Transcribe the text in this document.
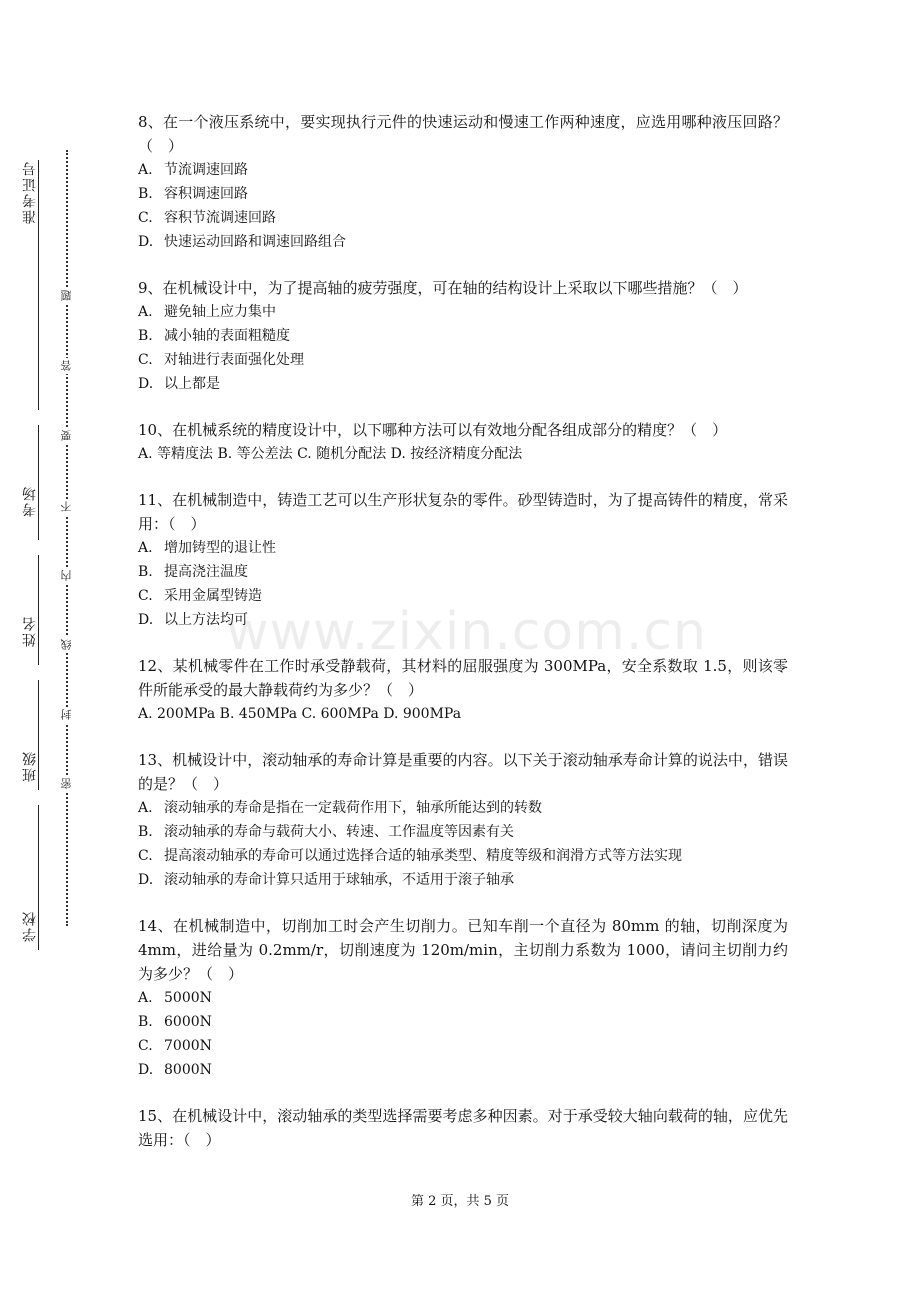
准考证号
考场
姓名
班级
学校
题
答
要
不
内
线
封
密
8、在一个液压系统中，要实现执行元件的快速运动和慢速工作两种速度，应选用哪种液压回路？（　）
A. 节流调速回路
B. 容积调速回路
C. 容积节流调速回路
D. 快速运动回路和调速回路组合
9、在机械设计中，为了提高轴的疲劳强度，可在轴的结构设计上采取以下哪些措施？（　）
A. 避免轴上应力集中
B. 减小轴的表面粗糙度
C. 对轴进行表面强化处理
D. 以上都是
10、在机械系统的精度设计中，以下哪种方法可以有效地分配各组成部分的精度？（　）
A. 等精度法 B. 等公差法 C. 随机分配法 D. 按经济精度分配法
11、在机械制造中，铸造工艺可以生产形状复杂的零件。砂型铸造时，为了提高铸件的精度，常采用：（　）
A. 增加铸型的退让性
B. 提高浇注温度
C. 采用金属型铸造
D. 以上方法均可
12、某机械零件在工作时承受静载荷，其材料的屈服强度为 300MPa，安全系数取 1.5，则该零件所能承受的最大静载荷约为多少？（　）
A. 200MPa B. 450MPa C. 600MPa D. 900MPa
13、机械设计中，滚动轴承的寿命计算是重要的内容。以下关于滚动轴承寿命计算的说法中，错误的是？（　）
A. 滚动轴承的寿命是指在一定载荷作用下，轴承所能达到的转数
B. 滚动轴承的寿命与载荷大小、转速、工作温度等因素有关
C. 提高滚动轴承的寿命可以通过选择合适的轴承类型、精度等级和润滑方式等方法实现
D. 滚动轴承的寿命计算只适用于球轴承，不适用于滚子轴承
14、在机械制造中，切削加工时会产生切削力。已知车削一个直径为 80mm 的轴，切削深度为 4mm，进给量为 0.2mm/r，切削速度为 120m/min，主切削力系数为 1000，请问主切削力约为多少？（　）
A. 5000N
B. 6000N
C. 7000N
D. 8000N
15、在机械设计中，滚动轴承的类型选择需要考虑多种因素。对于承受较大轴向载荷的轴，应优先选用：（　）
www.zixin.com.cn
第 2 页，共 5 页
